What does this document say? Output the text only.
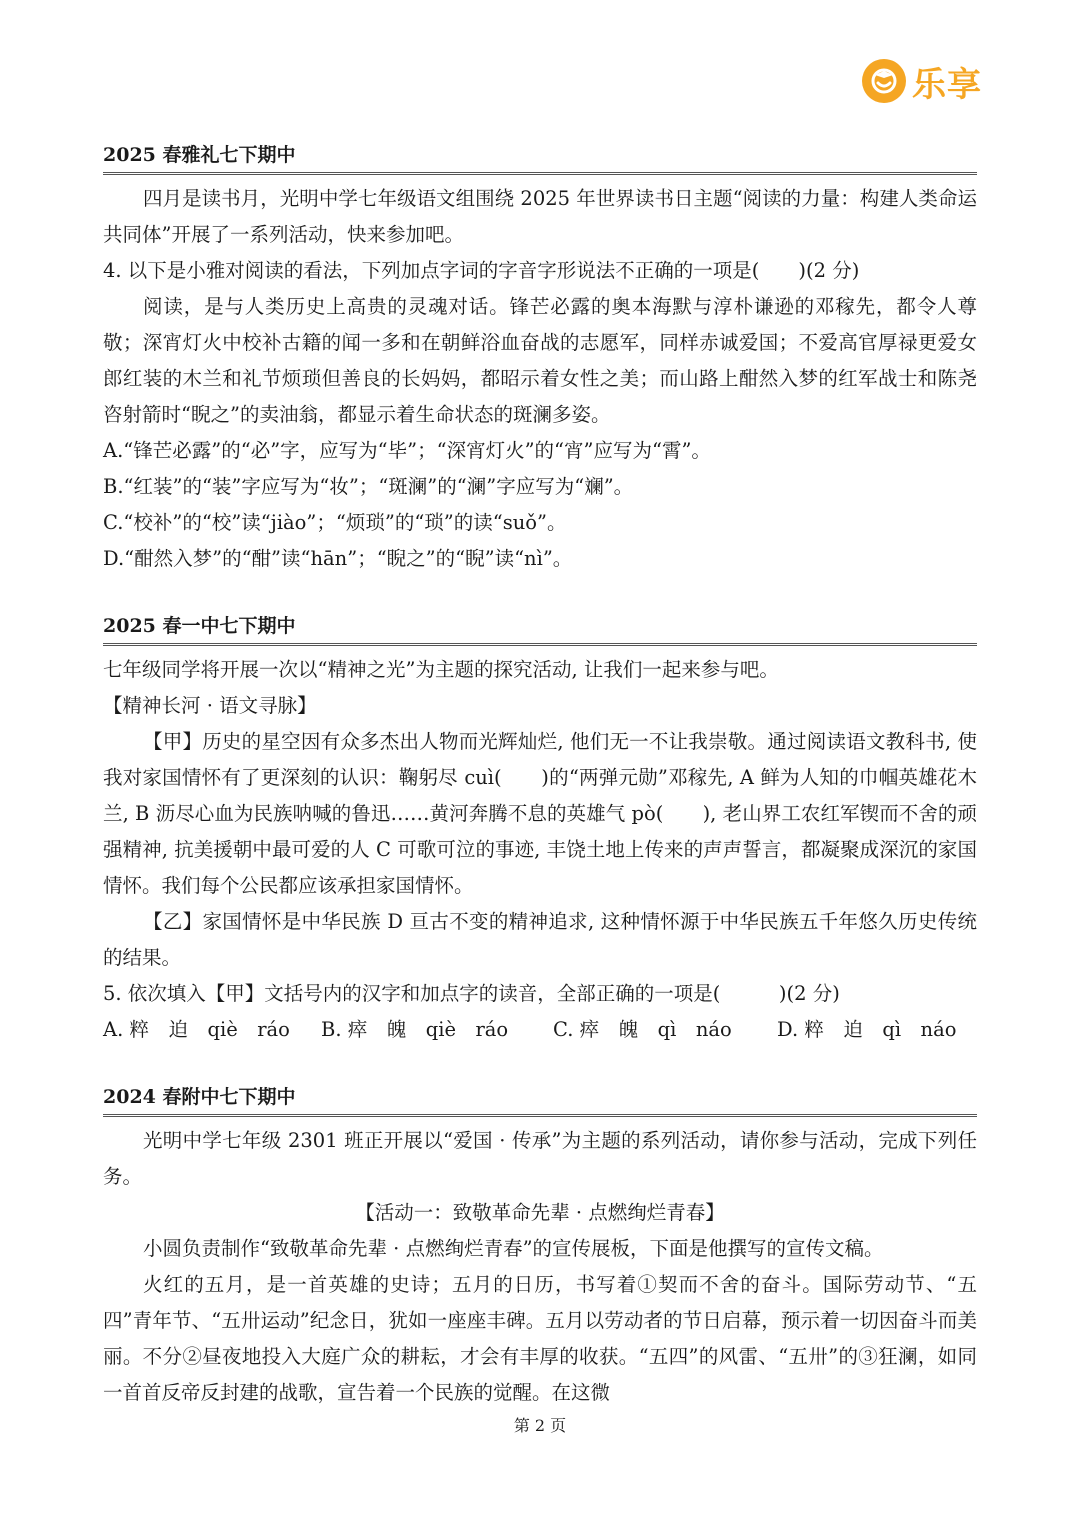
乐享
2025 春雅礼七下期中

四月是读书月，光明中学七年级语文组围绕 2025 年世界读书日主题“阅读的力量：构建人类命运共同体”开展了一系列活动，快来参加吧。

4. 以下是小雅对阅读的看法，下列加点字词的字音字形说法不正确的一项是(　　)(2 分)

阅读，是与人类历史上高贵的灵魂对话。锋芒必露的奥本海默与淳朴谦逊的邓稼先，都令人尊敬；深宵灯火中校补古籍的闻一多和在朝鲜浴血奋战的志愿军，同样赤诚爱国；不爱高官厚禄更爱女郎红装的木兰和礼节烦琐但善良的长妈妈，都昭示着女性之美；而山路上酣然入梦的红军战士和陈尧咨射箭时“睨之”的卖油翁，都显示着生命状态的斑澜多姿。

A.“锋芒必露”的“必”字，应写为“毕”；“深宵灯火”的“宵”应写为“霄”。

B.“红装”的“装”字应写为“妆”；“斑澜”的“澜”字应写为“斓”。

C.“校补”的“校”读“jiào”；“烦琐”的“琐”的读“suǒ”。

D.“酣然入梦”的“酣”读“hān”；“睨之”的“睨”读“nì”。

2025 春一中七下期中

七年级同学将开展一次以“精神之光”为主题的探究活动, 让我们一起来参与吧。

【精神长河 · 语文寻脉】

【甲】历史的星空因有众多杰出人物而光辉灿烂, 他们无一不让我崇敬。通过阅读语文教科书, 使我对家国情怀有了更深刻的认识：鞠躬尽 cuì(　　)的“两弹元勋”邓稼先, A 鲜为人知的巾帼英雄花木兰, B 沥尽心血为民族呐喊的鲁迅……黄河奔腾不息的英雄气 pò(　　), 老山界工农红军锲而不舍的顽强精神, 抗美援朝中最可爱的人 C 可歌可泣的事迹, 丰饶土地上传来的声声誓言，都凝聚成深沉的家国情怀。我们每个公民都应该承担家国情怀。

【乙】家国情怀是中华民族 D 亘古不变的精神追求, 这种情怀源于中华民族五千年悠久历史传统的结果。

5. 依次填入【甲】文括号内的汉字和加点字的读音，全部正确的一项是(　　　)(2 分)

A. 粹　迫　qiè　ráo	B. 瘁　魄　qiè　ráo	C. 瘁　魄　qì　náo	D. 粹　迫　qì　náo
2024 春附中七下期中

光明中学七年级 2301 班正开展以“爱国 · 传承”为主题的系列活动，请你参与活动，完成下列任务。

【活动一：致敬革命先辈 · 点燃绚烂青春】

小圆负责制作“致敬革命先辈 · 点燃绚烂青春”的宣传展板，下面是他撰写的宣传文稿。

火红的五月，是一首英雄的史诗；五月的日历，书写着①契而不舍的奋斗。国际劳动节、“五四”青年节、“五卅运动”纪念日，犹如一座座丰碑。五月以劳动者的节日启幕，预示着一切因奋斗而美丽。不分②昼夜地投入大庭广众的耕耘，才会有丰厚的收获。“五四”的风雷、“五卅”的③狂澜，如同一首首反帝反封建的战歌，宣告着一个民族的觉醒。在这微

第 2 页
